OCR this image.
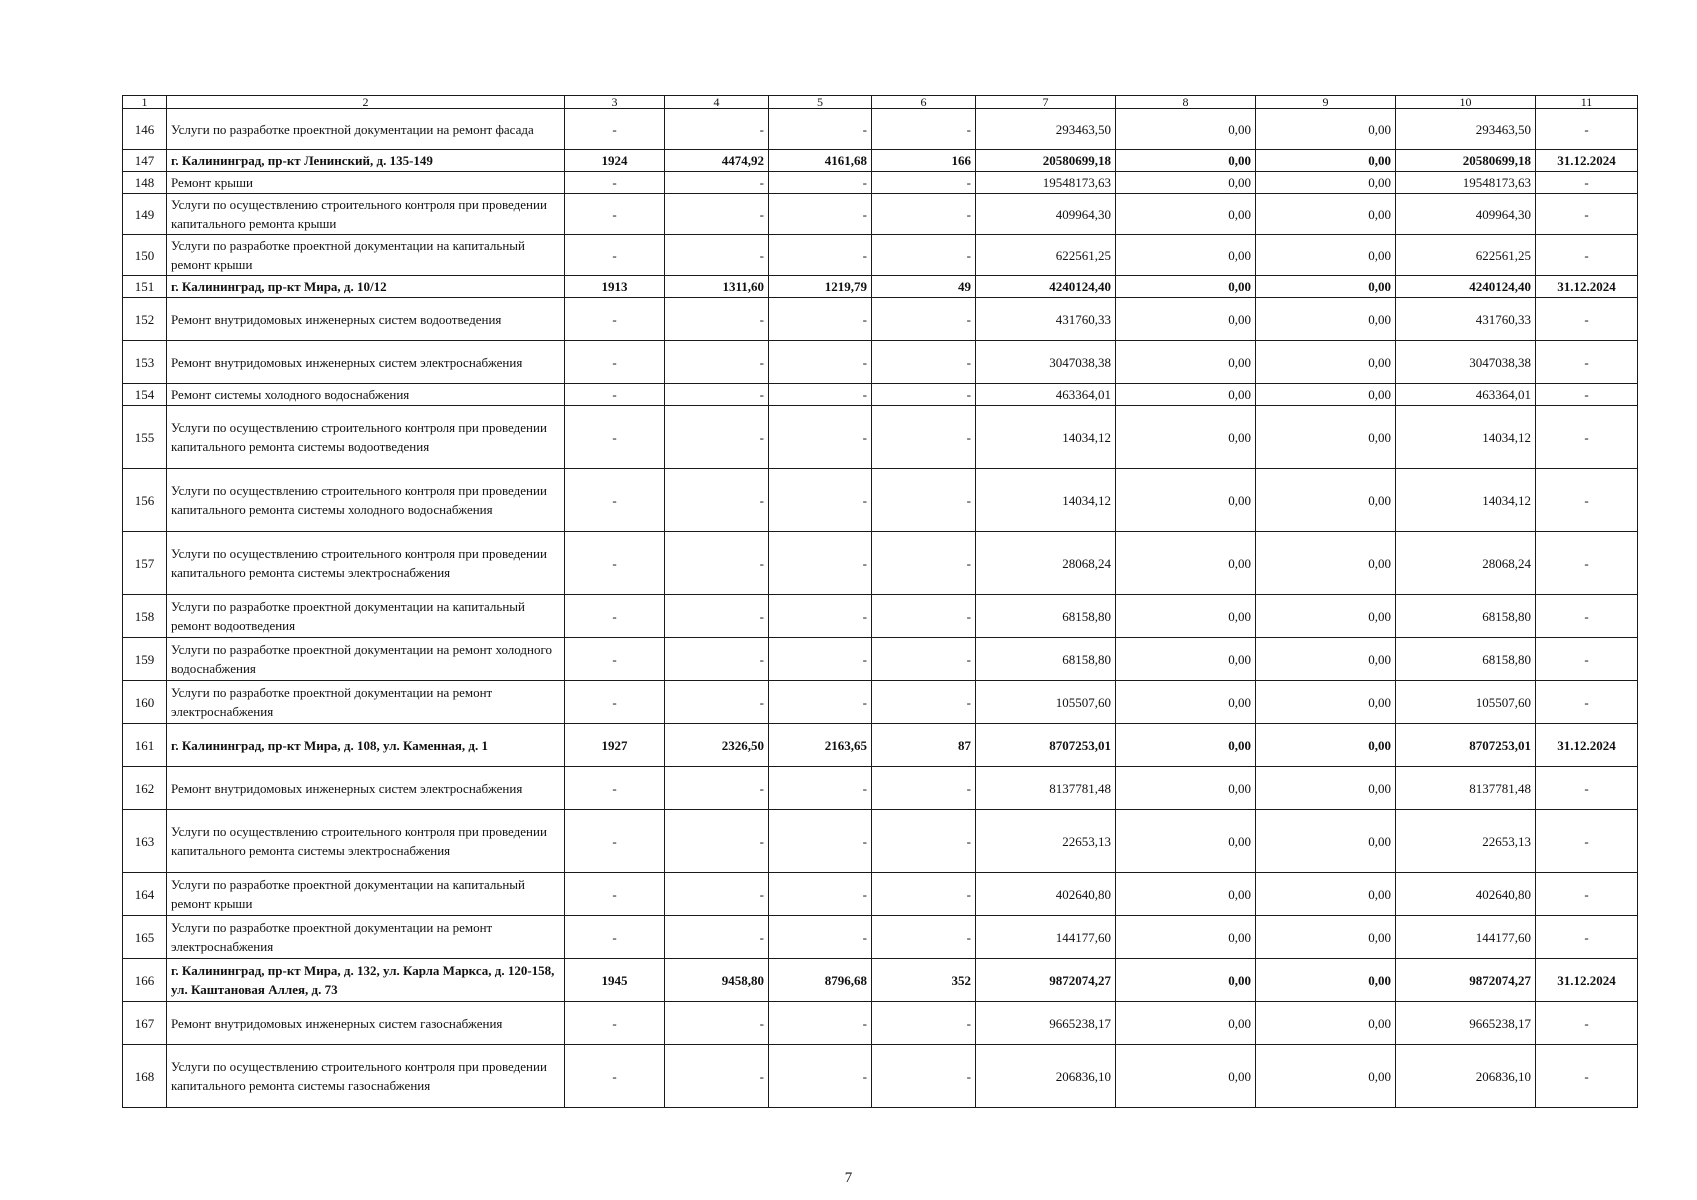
1	2	3	4	5	6	7	8	9	10	11
146	Услуги по разработке проектной документации на ремонт фасада	-	-	-	-	293463,50	0,00	0,00	293463,50	-
147	г. Калининград, пр-кт Ленинский, д. 135-149	1924	4474,92	4161,68	166	20580699,18	0,00	0,00	20580699,18	31.12.2024
148	Ремонт крыши	-	-	-	-	19548173,63	0,00	0,00	19548173,63	-
149	Услуги по осуществлению строительного контроля при проведении капитального ремонта крыши	-	-	-	-	409964,30	0,00	0,00	409964,30	-
150	Услуги по разработке проектной документации на капитальный ремонт крыши	-	-	-	-	622561,25	0,00	0,00	622561,25	-
151	г. Калининград, пр-кт Мира, д. 10/12	1913	1311,60	1219,79	49	4240124,40	0,00	0,00	4240124,40	31.12.2024
152	Ремонт внутридомовых инженерных систем водоотведения	-	-	-	-	431760,33	0,00	0,00	431760,33	-
153	Ремонт внутридомовых инженерных систем электроснабжения	-	-	-	-	3047038,38	0,00	0,00	3047038,38	-
154	Ремонт системы холодного водоснабжения	-	-	-	-	463364,01	0,00	0,00	463364,01	-
155	Услуги по осуществлению строительного контроля при проведении капитального ремонта системы водоотведения	-	-	-	-	14034,12	0,00	0,00	14034,12	-
156	Услуги по осуществлению строительного контроля при проведении капитального ремонта системы холодного водоснабжения	-	-	-	-	14034,12	0,00	0,00	14034,12	-
157	Услуги по осуществлению строительного контроля при проведении капитального ремонта системы электроснабжения	-	-	-	-	28068,24	0,00	0,00	28068,24	-
158	Услуги по разработке проектной документации на капитальный ремонт водоотведения	-	-	-	-	68158,80	0,00	0,00	68158,80	-
159	Услуги по разработке проектной документации на ремонт холодного водоснабжения	-	-	-	-	68158,80	0,00	0,00	68158,80	-
160	Услуги по разработке проектной документации на ремонт электроснабжения	-	-	-	-	105507,60	0,00	0,00	105507,60	-
161	г. Калининград, пр-кт Мира, д. 108, ул. Каменная, д. 1	1927	2326,50	2163,65	87	8707253,01	0,00	0,00	8707253,01	31.12.2024
162	Ремонт внутридомовых инженерных систем электроснабжения	-	-	-	-	8137781,48	0,00	0,00	8137781,48	-
163	Услуги по осуществлению строительного контроля при проведении капитального ремонта системы электроснабжения	-	-	-	-	22653,13	0,00	0,00	22653,13	-
164	Услуги по разработке проектной документации на капитальный ремонт крыши	-	-	-	-	402640,80	0,00	0,00	402640,80	-
165	Услуги по разработке проектной документации на ремонт электроснабжения	-	-	-	-	144177,60	0,00	0,00	144177,60	-
166	г. Калининград, пр-кт Мира, д. 132, ул. Карла Маркса, д. 120-158, ул. Каштановая Аллея, д. 73	1945	9458,80	8796,68	352	9872074,27	0,00	0,00	9872074,27	31.12.2024
167	Ремонт внутридомовых инженерных систем газоснабжения	-	-	-	-	9665238,17	0,00	0,00	9665238,17	-
168	Услуги по осуществлению строительного контроля при проведении капитального ремонта системы газоснабжения	-	-	-	-	206836,10	0,00	0,00	206836,10	-
7
